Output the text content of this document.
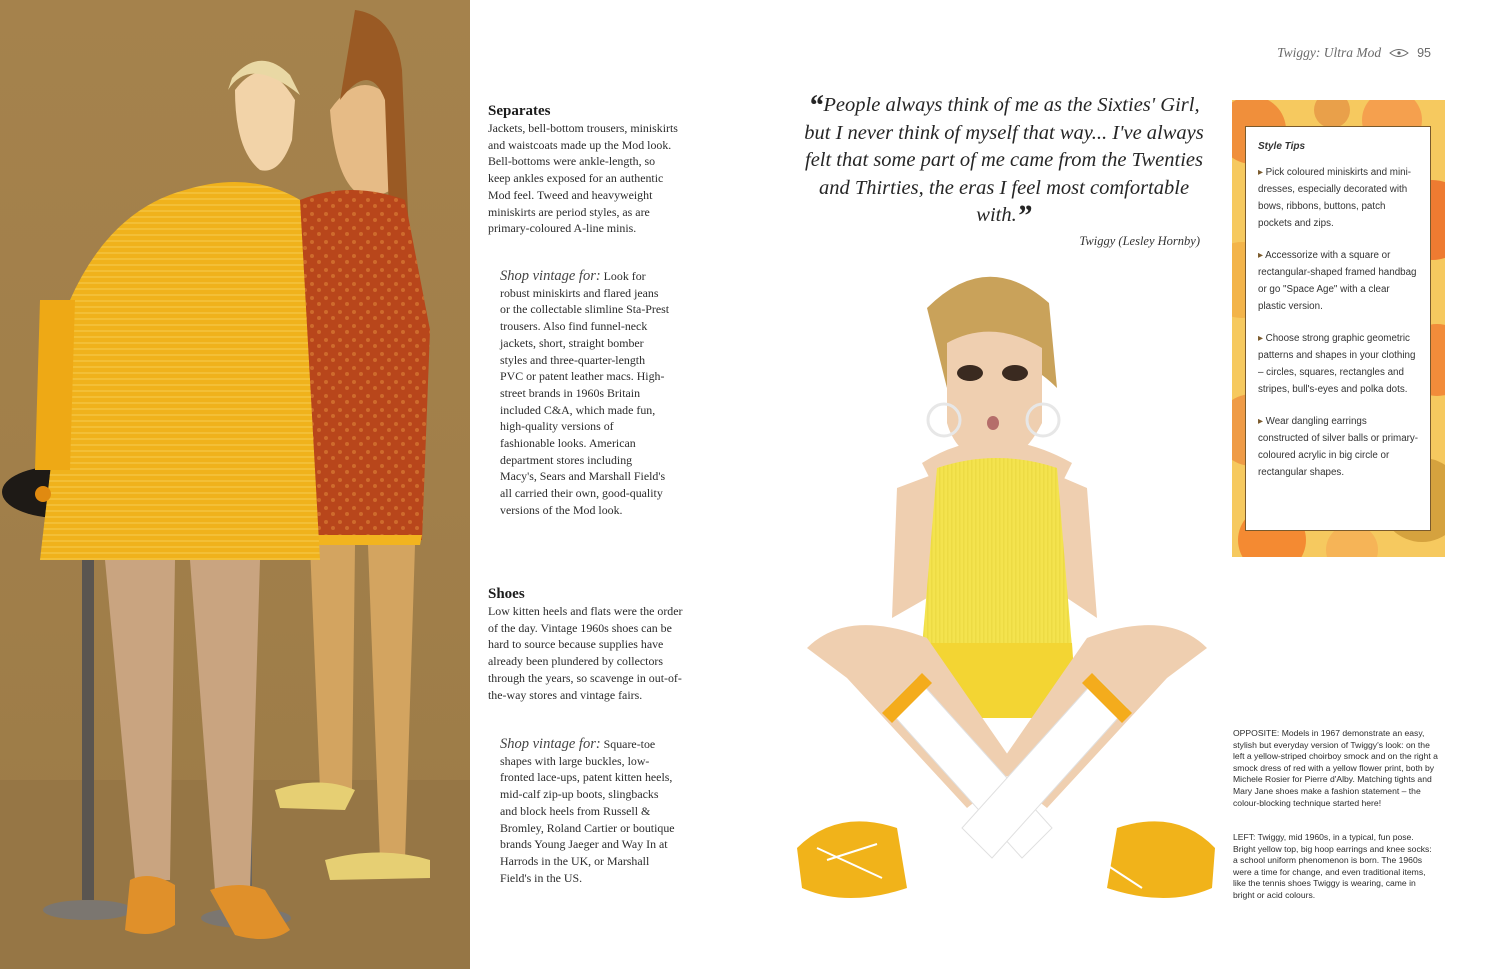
Separates

Jackets, bell-bottom trousers, miniskirts and waistcoats made up the Mod look. Bell-bottoms were ankle-length, so keep ankles exposed for an authentic Mod feel. Tweed and heavyweight miniskirts are period styles, as are primary-coloured A-line minis.

Shop vintage for: Look for robust miniskirts and flared jeans or the collectable slimline Sta-Prest trousers. Also find funnel-neck jackets, short, straight bomber styles and three-quarter-length PVC or patent leather macs. High-street brands in 1960s Britain included C&A, which made fun, high-quality versions of fashionable looks. American department stores including Macy's, Sears and Marshall Field's all carried their own, good-quality versions of the Mod look.

Shoes

Low kitten heels and flats were the order of the day. Vintage 1960s shoes can be hard to source because supplies have already been plundered by collectors through the years, so scavenge in out-of-the-way stores and vintage fairs.

Shop vintage for: Square-toe shapes with large buckles, low-fronted lace-ups, patent kitten heels, mid-calf zip-up boots, slingbacks and block heels from Russell & Bromley, Roland Cartier or boutique brands Young Jaeger and Way In at Harrods in the UK, or Marshall Field's in the US.
Twiggy: Ultra Mod	95
“People always think of me as the Sixties' Girl, but I never think of myself that way... I've always felt that some part of me came from the Twenties and Thirties, the eras I feel most comfortable with.”
Twiggy (Lesley Hornby)
Style Tips
▸ Pick coloured miniskirts and mini-dresses, especially decorated with bows, ribbons, buttons, patch pockets and zips.
▸ Accessorize with a square or rectangular-shaped framed handbag or go "Space Age" with a clear plastic version.
▸ Choose strong graphic geometric patterns and shapes in your clothing – circles, squares, rectangles and stripes, bull's-eyes and polka dots.
▸ Wear dangling earrings constructed of silver balls or primary-coloured acrylic in big circle or rectangular shapes.
OPPOSITE: Models in 1967 demonstrate an easy, stylish but everyday version of Twiggy's look: on the left a yellow-striped choirboy smock and on the right a smock dress of red with a yellow flower print, both by Michele Rosier for Pierre d'Alby. Matching tights and Mary Jane shoes make a fashion statement – the colour-blocking technique started here!
LEFT: Twiggy, mid 1960s, in a typical, fun pose. Bright yellow top, big hoop earrings and knee socks: a school uniform phenomenon is born. The 1960s were a time for change, and even traditional items, like the tennis shoes Twiggy is wearing, came in bright or acid colours.
